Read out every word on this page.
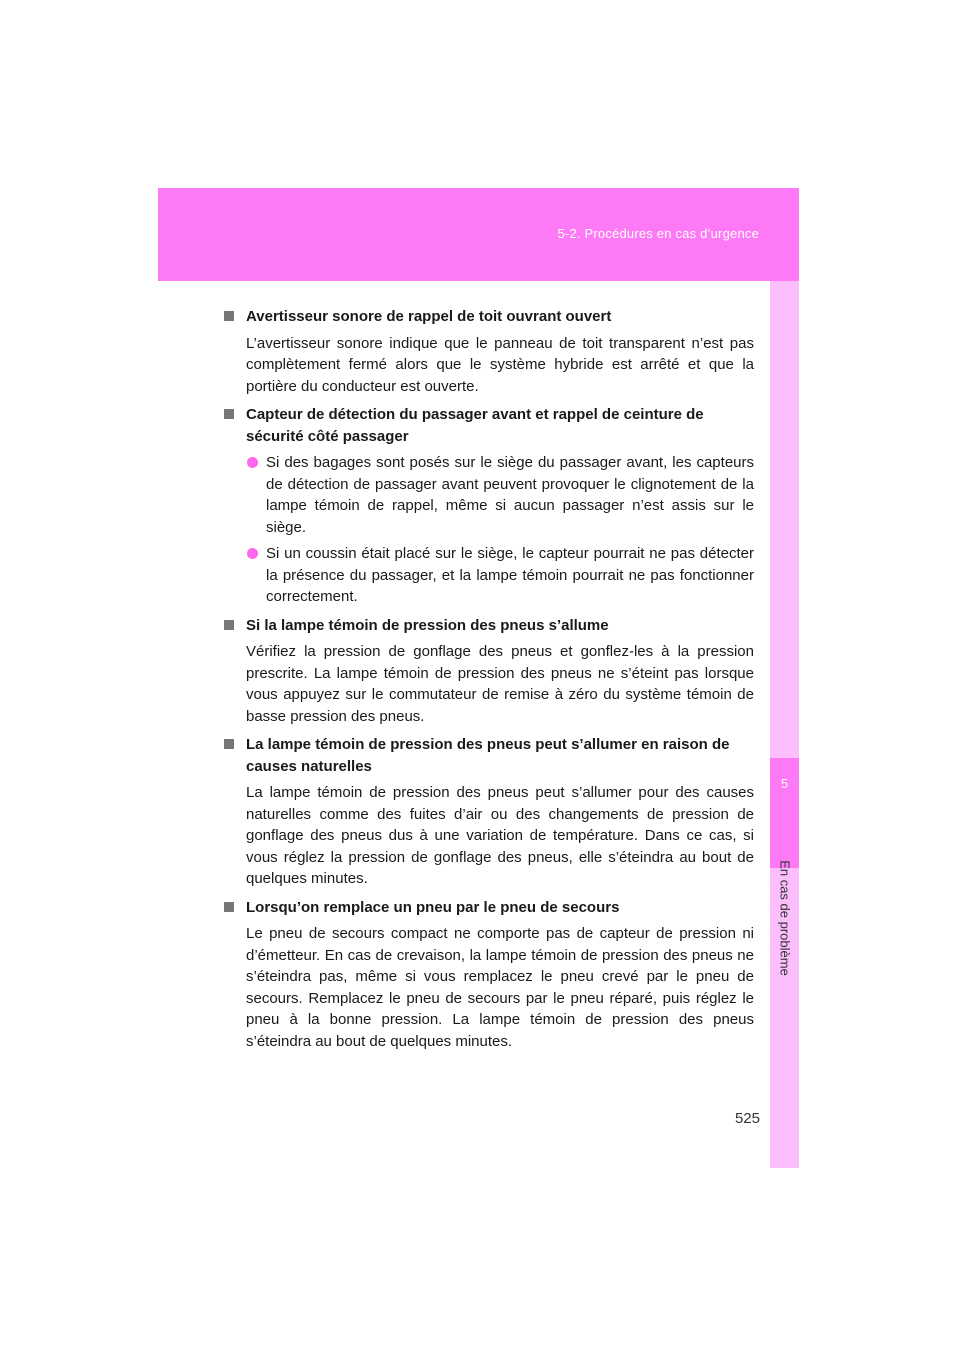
5-2. Procédures en cas d’urgence
5
En cas de problème
Avertisseur sonore de rappel de toit ouvrant ouvert
L’avertisseur sonore indique que le panneau de toit transparent n’est pas complètement fermé alors que le système hybride est arrêté et que la portière du conducteur est ouverte.
Capteur de détection du passager avant et rappel de ceinture de sécurité côté passager
Si des bagages sont posés sur le siège du passager avant, les capteurs de détection de passager avant peuvent provoquer le clignotement de la lampe témoin de rappel, même si aucun passager n’est assis sur le siège.
Si un coussin était placé sur le siège, le capteur pourrait ne pas détecter la présence du passager, et la lampe témoin pourrait ne pas fonctionner correctement.
Si la lampe témoin de pression des pneus s’allume
Vérifiez la pression de gonflage des pneus et gonflez-les à la pression prescrite. La lampe témoin de pression des pneus ne s’éteint pas lorsque vous appuyez sur le commutateur de remise à zéro du système témoin de basse pression des pneus.
La lampe témoin de pression des pneus peut s’allumer en raison de causes naturelles
La lampe témoin de pression des pneus peut s’allumer pour des causes naturelles comme des fuites d’air ou des changements de pression de gonflage des pneus dus à une variation de température. Dans ce cas, si vous réglez la pression de gonflage des pneus, elle s’éteindra au bout de quelques minutes.
Lorsqu’on remplace un pneu par le pneu de secours
Le pneu de secours compact ne comporte pas de capteur de pression ni d’émetteur. En cas de crevaison, la lampe témoin de pression des pneus ne s’éteindra pas, même si vous remplacez le pneu crevé par le pneu de secours. Remplacez le pneu de secours par le pneu réparé, puis réglez le pneu à la bonne pression. La lampe témoin de pression des pneus s’éteindra au bout de quelques minutes.
525
